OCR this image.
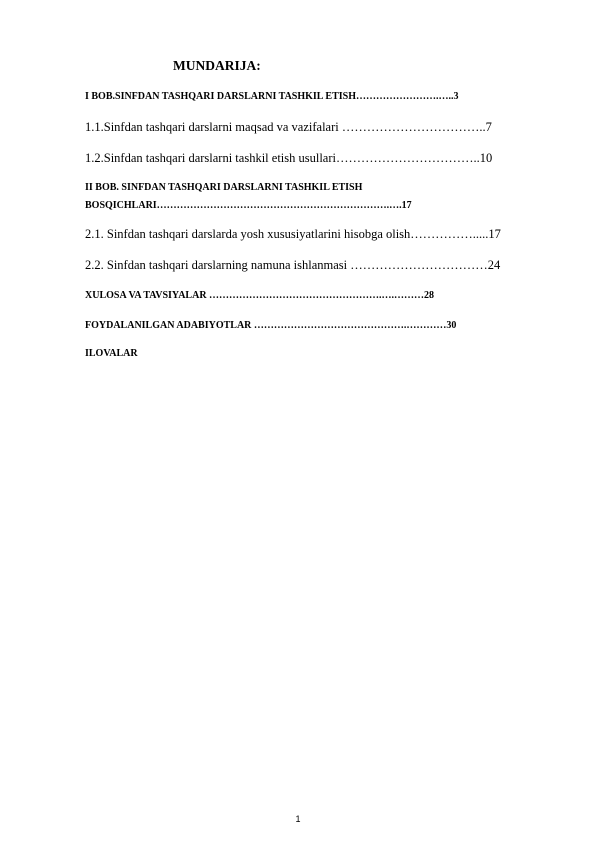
MUNDARIJA:
I BOB.SINFDAN TASHQARI DARSLARNI TASHKIL ETISH…………………….…..3
1.1.Sinfdan tashqari darslarni maqsad va vazifalari ……………………………..7
1.2.Sinfdan tashqari darslarni tashkil etish usullari……………………………..10
II BOB. SINFDAN TASHQARI DARSLARNI TASHKIL ETISH
BOSQICHLARI…………………………………………………………….….17
2.1. Sinfdan tashqari darslarda yosh xususiyatlarini hisobga olish…………….....17
2.2. Sinfdan tashqari darslarning namuna ishlanmasi ……………………………24
XULOSA VA TAVSIYALAR …………………………………………….….………28
FOYDALANILGAN ADABIYOTLAR ……………………………………….…………30
ILOVALAR
1
